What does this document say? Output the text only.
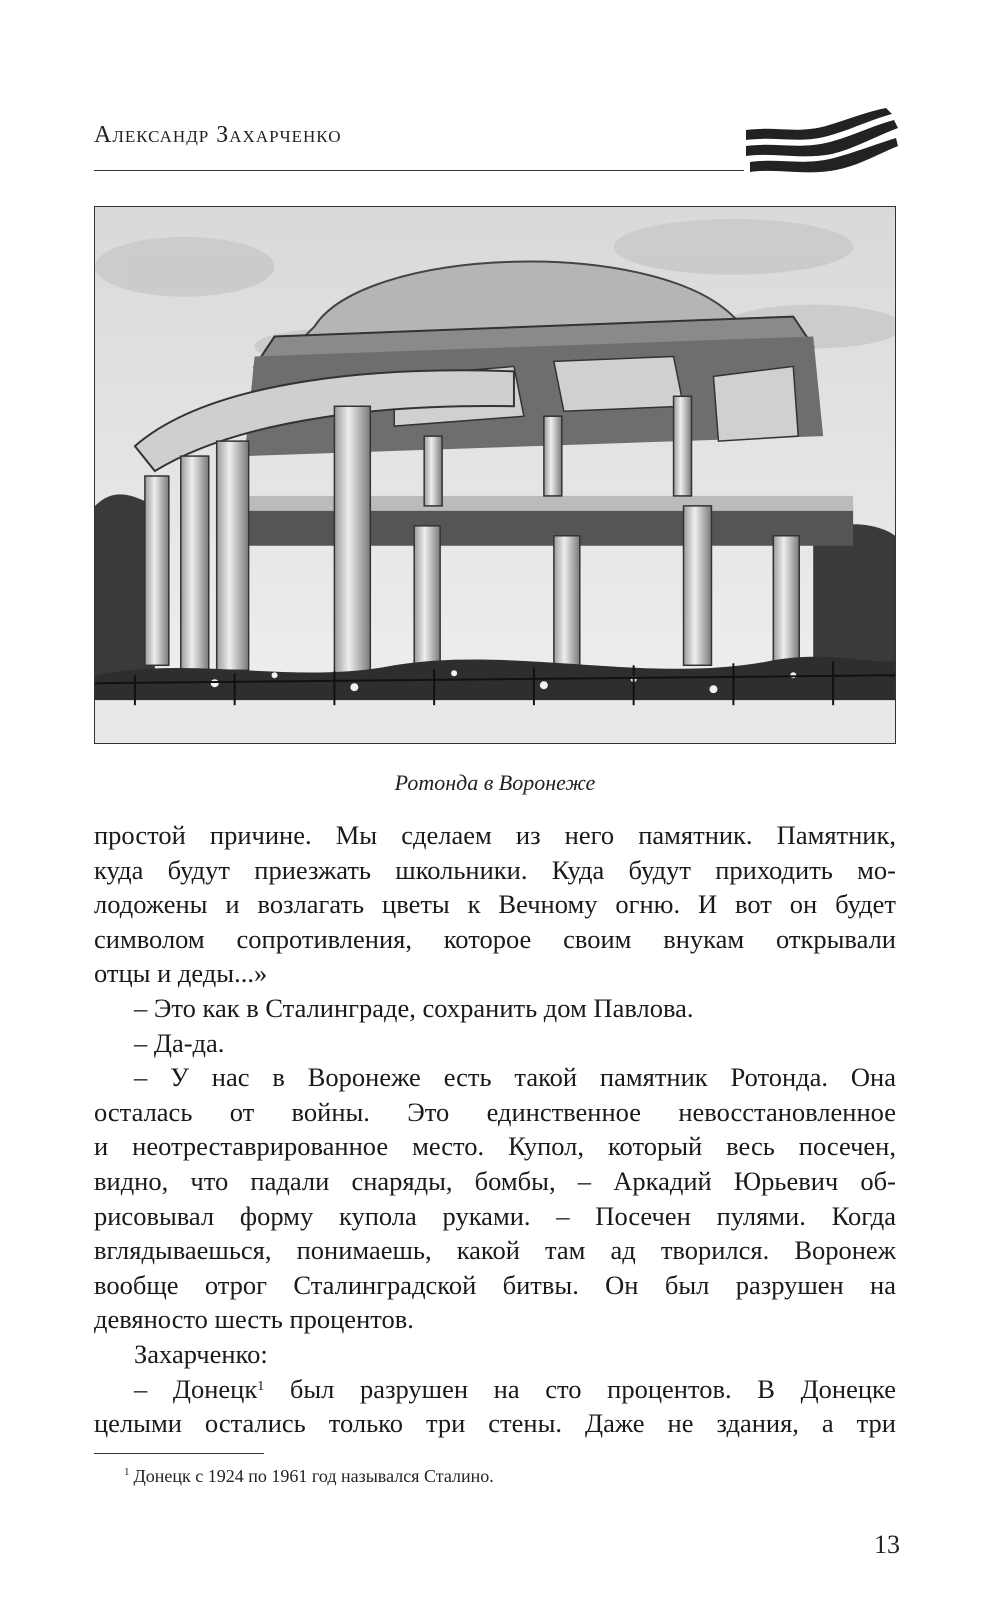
Александр Захарченко
Ротонда в Воронеже
простой причине. Мы сделаем из него памятник. Памятник,
куда будут приезжать школьники. Куда будут приходить мо-
лодожены и возлагать цветы к Вечному огню. И вот он будет
символом сопротивления, которое своим внукам открывали
отцы и деды...»
– Это как в Сталинграде, сохранить дом Павлова.
– Да-да.
– У нас в Воронеже есть такой памятник Ротонда. Она
осталась от войны. Это единственное невосстановленное
и неотреставрированное место. Купол, который весь посечен,
видно, что падали снаряды, бомбы, – Аркадий Юрьевич об-
рисовывал форму купола руками. – Посечен пулями. Когда
вглядываешься, понимаешь, какой там ад творился. Воронеж
вообще отрог Сталинградской битвы. Он был разрушен на
девяносто шесть процентов.
Захарченко:
– Донецк$^1$ был разрушен на сто процентов. В Донецке
целыми остались только три стены. Даже не здания, а три
$^1$ Донецк с 1924 по 1961 год назывался Сталино.
13
